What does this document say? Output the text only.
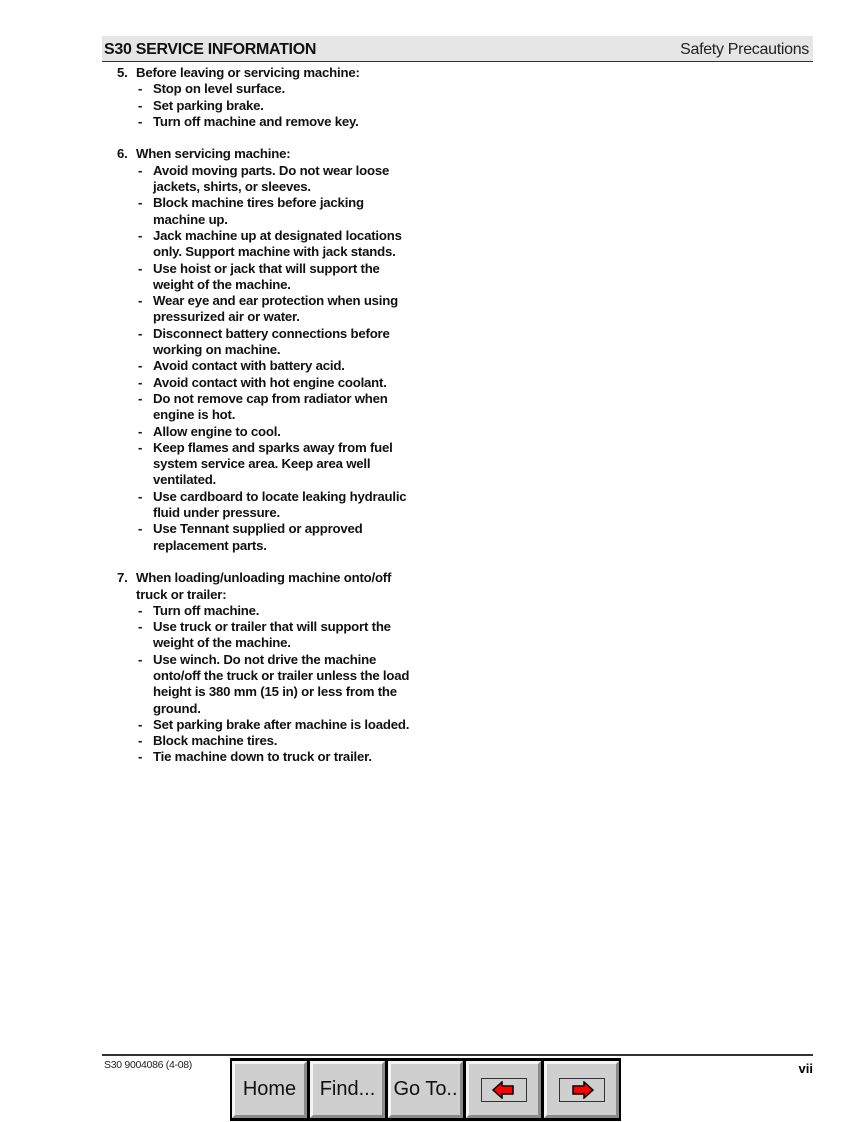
S30 SERVICE INFORMATION	Safety Precautions
5. Before leaving or servicing machine:
- Stop on level surface.
- Set parking brake.
- Turn off machine and remove key.
6. When servicing machine:
- Avoid moving parts. Do not wear loose
jackets, shirts, or sleeves.
- Block machine tires before jacking
machine up.
- Jack machine up at designated locations
only. Support machine with jack stands.
- Use hoist or jack that will support the
weight of the machine.
- Wear eye and ear protection when using
pressurized air or water.
- Disconnect battery connections before
working on machine.
- Avoid contact with battery acid.
- Avoid contact with hot engine coolant.
- Do not remove cap from radiator when
engine is hot.
- Allow engine to cool.
- Keep flames and sparks away from fuel
system service area. Keep area well
ventilated.
- Use cardboard to locate leaking hydraulic
fluid under pressure.
- Use Tennant supplied or approved
replacement parts.
7. When loading/unloading machine onto/off
truck or trailer:
- Turn off machine.
- Use truck or trailer that will support the
weight of the machine.
- Use winch. Do not drive the machine
onto/off the truck or trailer unless the load
height is 380 mm (15 in) or less from the
ground.
- Set parking brake after machine is loaded.
- Block machine tires.
- Tie machine down to truck or trailer.
S30 9004086 (4-08)	vii
Home	Find... Go To..
